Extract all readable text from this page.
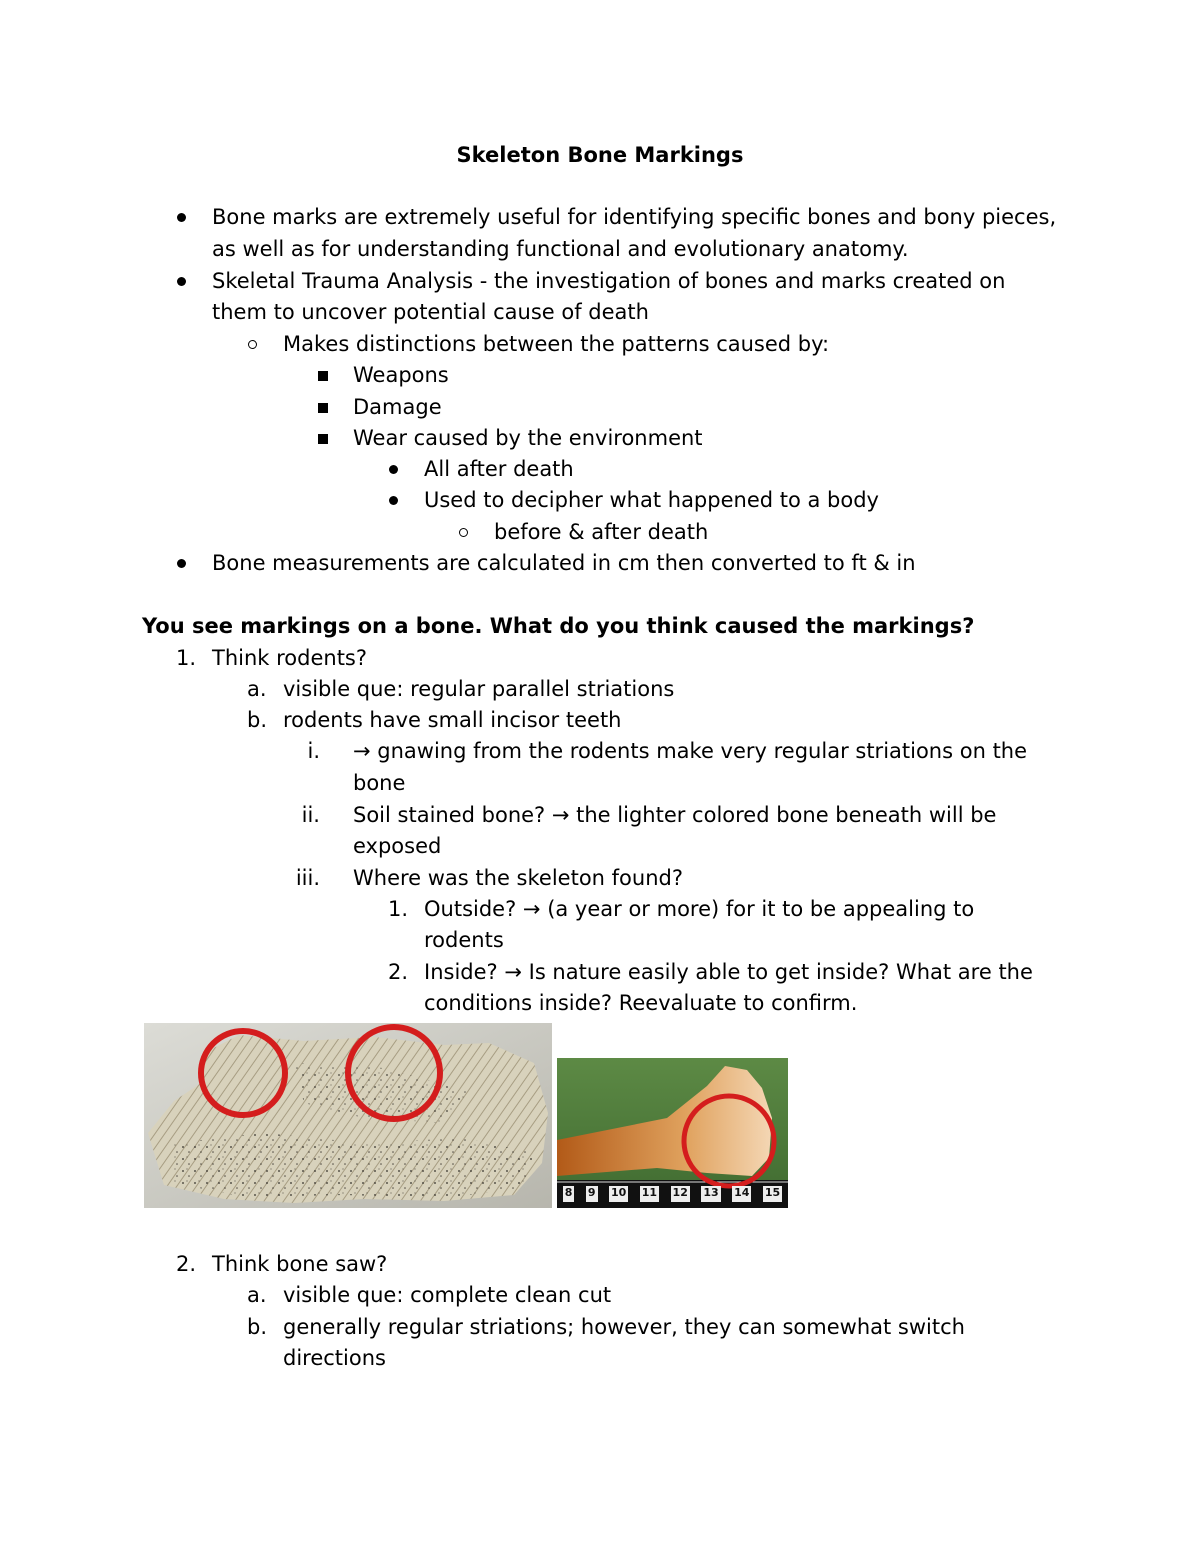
Skeleton Bone Markings
Bone marks are extremely useful for identifying specific bones and bony pieces,
as well as for understanding functional and evolutionary anatomy.
Skeletal Trauma Analysis - the investigation of bones and marks created on
them to uncover potential cause of death
Makes distinctions between the patterns caused by:
Weapons
Damage
Wear caused by the environment
All after death
Used to decipher what happened to a body
before & after death
Bone measurements are calculated in cm then converted to ft & in
You see markings on a bone. What do you think caused the markings?
1. Think rodents?
a. visible que: regular parallel striations
b. rodents have small incisor teeth
i. → gnawing from the rodents make very regular striations on the
bone
ii. Soil stained bone? → the lighter colored bone beneath will be
exposed
iii. Where was the skeleton found?
1. Outside? → (a year or more) for it to be appealing to
rodents
2. Inside? → Is nature easily able to get inside? What are the
conditions inside? Reevaluate to confirm.
8 9 10 11 12 13 14 15
2. Think bone saw?
a. visible que: complete clean cut
b. generally regular striations; however, they can somewhat switch
directions
